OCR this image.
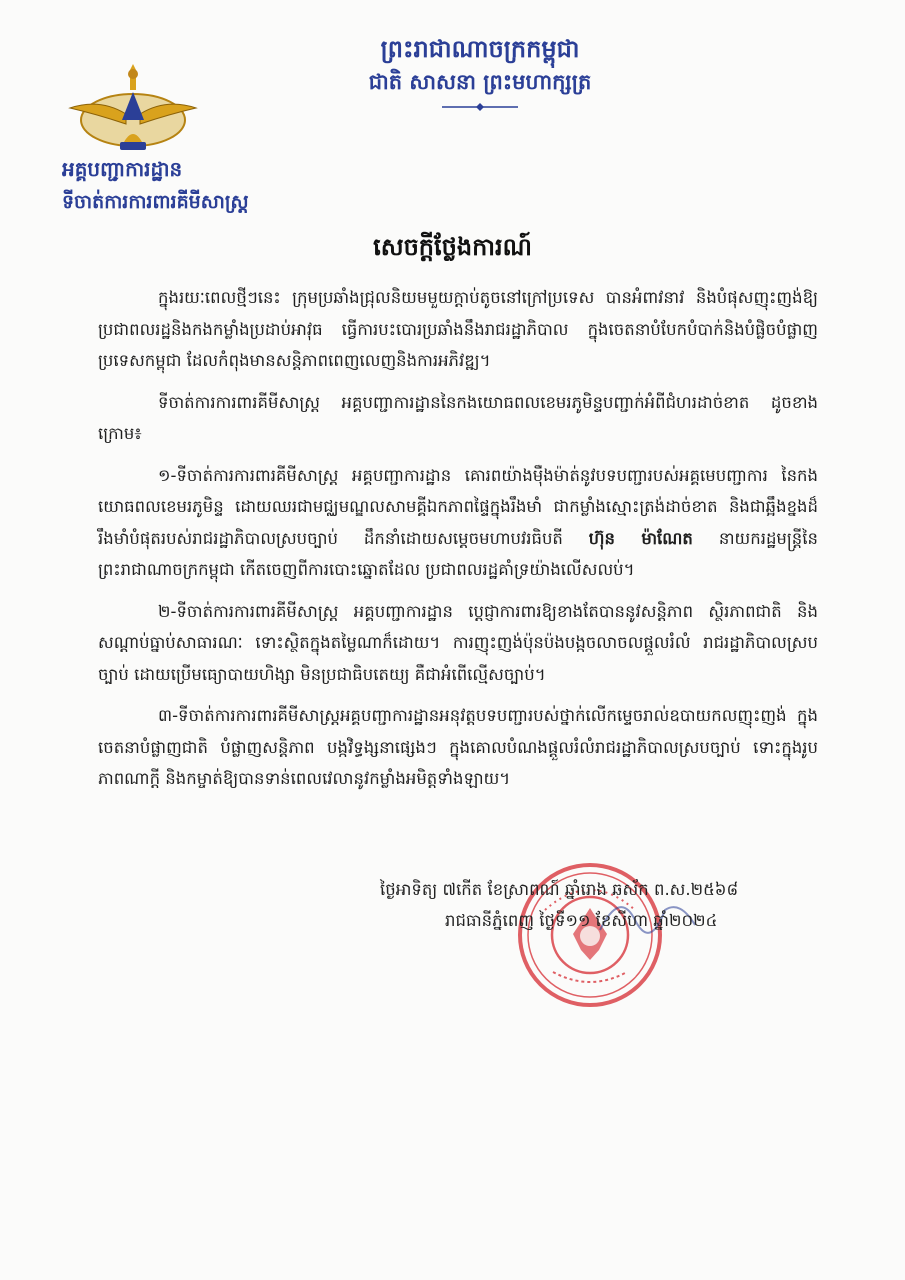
ព្រះរាជាណាចក្រកម្ពុជា
ជាតិ សាសនា ព្រះមហាក្សត្រ
អគ្គបញ្ជាការដ្ឋាន
ទីចាត់ការការពារគីមីសាស្ត្រ
សេចក្តីថ្លែងការណ៍

ក្នុងរយៈពេលថ្មីៗនេះ ក្រុមប្រឆាំងជ្រុលនិយមមួយក្តាប់តូចនៅក្រៅប្រទេស បានអំពាវនាវ និងបំផុសញុះញង់ឱ្យប្រជាពលរដ្ឋនិងកងកម្លាំងប្រដាប់អាវុធ ធ្វើការបះបោរប្រឆាំងនឹងរាជរដ្ឋាភិបាល ក្នុងចេតនាបំបែកបំបាក់និងបំផ្លិចបំផ្លាញប្រទេសកម្ពុជា ដែលកំពុងមានសន្តិភាពពេញលេញនិងការអភិវឌ្ឍ។

ទីចាត់ការការពារគីមីសាស្ត្រ អគ្គបញ្ជាការដ្ឋាននៃកងយោធពលខេមរភូមិន្ទបញ្ជាក់អំពីជំហរដាច់ខាត ដូចខាងក្រោម៖

១-ទីចាត់ការការពារគីមីសាស្ត្រ អគ្គបញ្ជាការដ្ឋាន គោរពយ៉ាងម៉ឺងម៉ាត់នូវបទបញ្ជារបស់អគ្គមេបញ្ជាការ នៃកងយោធពលខេមរភូមិន្ទ ដោយឈរជាមជ្ឈមណ្ឌលសាមគ្គីឯកភាពផ្ទៃក្នុងរឹងមាំ ជាកម្លាំងស្មោះត្រង់ដាច់ខាត និងជាឆ្អឹងខ្នងដ៏រឹងមាំបំផុតរបស់រាជរដ្ឋាភិបាលស្របច្បាប់ ដឹកនាំដោយសម្តេចមហាបវរធិបតី ហ៊ុន ម៉ាណែត នាយករដ្ឋមន្ត្រីនៃព្រះរាជាណាចក្រកម្ពុជា កើតចេញពីការបោះឆ្នោតដែល ប្រជាពលរដ្ឋគាំទ្រយ៉ាងលើសលប់។

២-ទីចាត់ការការពារគីមីសាស្ត្រ អគ្គបញ្ជាការដ្ឋាន ប្តេជ្ញាការពារឱ្យខាងតែបាននូវសន្តិភាព ស្ថិរភាពជាតិ និងសណ្តាប់ធ្នាប់សាធារណៈ ទោះស្ថិតក្នុងតម្លៃណាក៏ដោយ។ ការញុះញង់ប៉ុនប៉ងបង្កចលាចលផ្តួលរំលំ រាជរដ្ឋាភិបាលស្របច្បាប់ ដោយប្រើមធ្យោបាយហិង្សា មិនប្រជាធិបតេយ្យ គឺជាអំពើល្មើសច្បាប់។

៣-ទីចាត់ការការពារគីមីសាស្ត្រអគ្គបញ្ជាការដ្ឋានអនុវត្តបទបញ្ជារបស់ថ្នាក់លើកម្ទេចរាល់ឧបាយកលញុះញង់ ក្នុងចេតនាបំផ្លាញជាតិ បំផ្លាញសន្តិភាព បង្កវិទ្ធង្សនាផ្សេងៗ ក្នុងគោលបំណងផ្តួលរំលំរាជរដ្ឋាភិបាលស្របច្បាប់ ទោះក្នុងរូបភាពណាក្តី និងកម្ចាត់ឱ្យបានទាន់ពេលវេលានូវកម្លាំងអមិត្តទាំងឡាយ។

ថ្ងៃអាទិត្យ ៧កើត ខែស្រាពណ៍ ឆ្នាំរោង ឆស័ក ព.ស.២៥៦៨
រាជធានីភ្នំពេញ ថ្ងៃទី១១ ខែសីហា ឆ្នាំ២០២៤
